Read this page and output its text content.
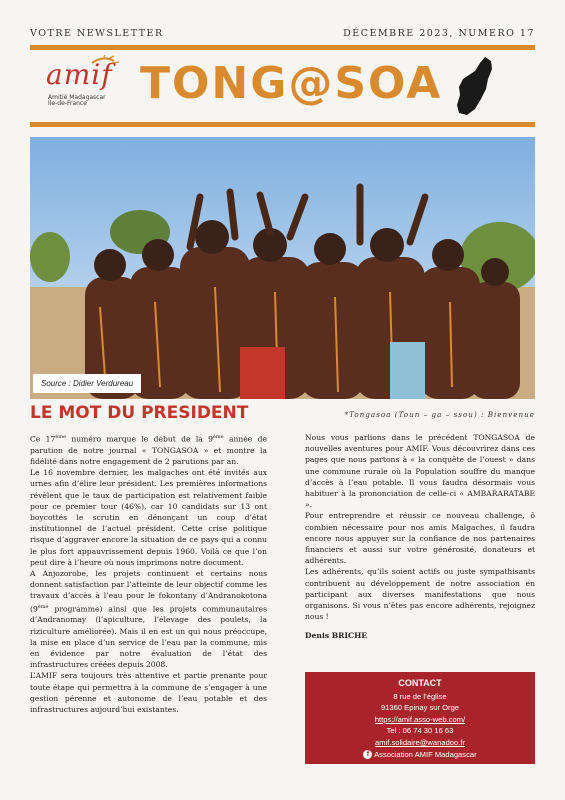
VOTRE NEWSLETTER	DÉCEMBRE 2023, NUMERO 17
amif
Amitié Madagascar
Ile-de-France TONG@SOA
Source : Didier Verdureau
LE MOT DU PRESIDENT	*Tongasoa (Toun – ga – ssou) : Bienvenue

Ce 17ème numéro marque le début de la 9ème année de parution de notre journal « TONGASOA » et montre la fidélité dans notre engagement de 2 parutions par an.

Le 16 novembre dernier, les malgaches ont été invités aux urnes afin d’élire leur président. Les premières informations révèlent que le taux de participation est relativement faible pour ce premier tour (46%), car 10 candidats sur 13 ont boycottés le scrutin en dénonçant un coup d’état institutionnel de l’actuel président. Cette crise politique risque d’aggraver encore la situation de ce pays qui a connu le plus fort appauvrissement depuis 1960. Voilà ce que l’on peut dire à l’heure où nous imprimons notre document.

A Anjozorobe, les projets continuent et certains nous donnent satisfaction par l’atteinte de leur objectif comme les travaux d’accès à l’eau pour le fokontany d’Andranokotona (9ème programme) ainsi que les projets communautaires d’Andranomay (l’apiculture, l’élevage des poulets, la riziculture améliorée). Mais il en est un qui nous préoccupe, la mise en place d’un service de l’eau par la commune, mis en évidence par notre évaluation de l’état des infrastructures créées depuis 2008.

L’AMIF sera toujours très attentive et partie prenante pour toute étape qui permettra à la commune de s’engager à une gestion pérenne et autonome de l’eau potable et des infrastructures aujourd’hui existantes.

Nous vous parlions dans le précédent TONGASOA de nouvelles aventures pour AMIF. Vous découvrirez dans ces pages que nous partons à « la conquête de l’ouest » dans une commune rurale où la Population souffre du manque d’accès à l’eau potable. Il vous faudra désormais vous habituer à la prononciation de celle-ci « AMBARARATABE ».

Pour entreprendre et réussir ce nouveau challenge, ô combien nécessaire pour nos amis Malgaches, il faudra encore nous appuyer sur la confiance de nos partenaires financiers et aussi sur votre générosité, donateurs et adhérents.

Les adhérents, qu’ils soient actifs ou juste sympathisants contribuent au développement de notre association en participant aux diverses manifestations que nous organisons. Si vous n’êtes pas encore adhérents, rejoignez nous !

Denis BRICHE

CONTACT
8 rue de l’église
91360 Epinay sur Orge
https://amif.asso-web.com/
Tel : 06 74 30 16 63
amif.solidaire@wanadoo.fr
f Association AMIF Madagascar
